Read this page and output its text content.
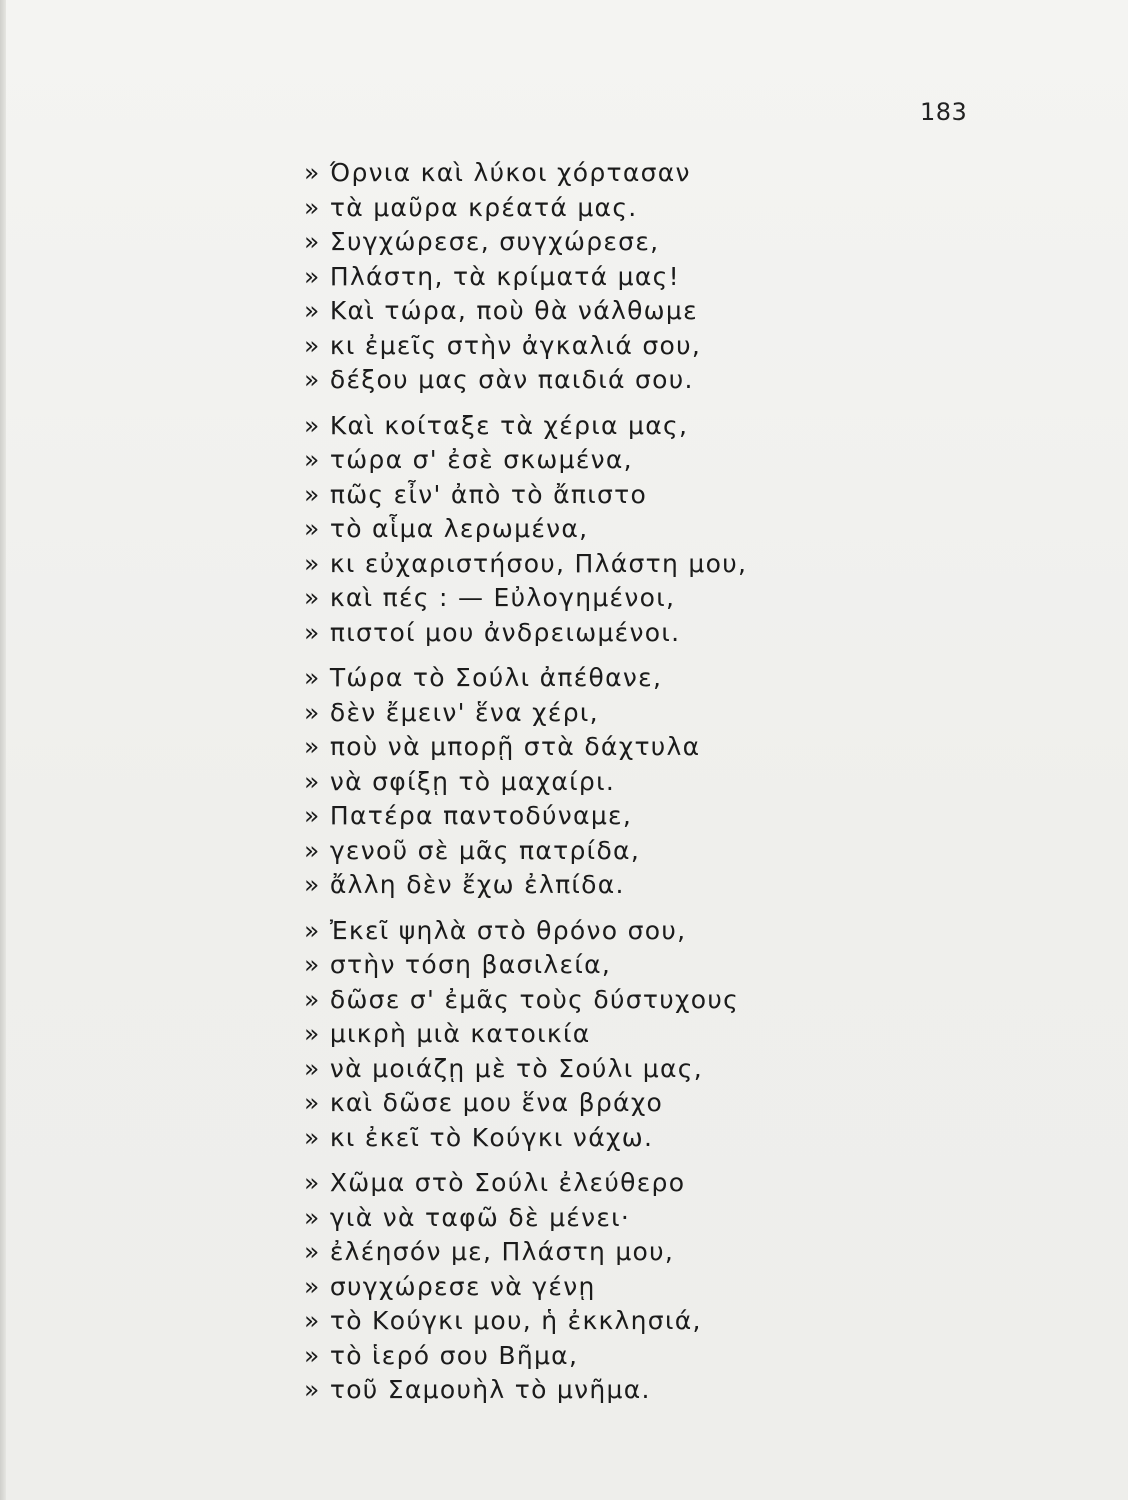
183
» Όρνια καὶ λύκοι χόρτασαν
» τὰ μαῦρα κρέατά μας.
» Συγχώρεσε, συγχώρεσε,
» Πλάστη, τὰ κρίματά μας!
» Καὶ τώρα, ποὺ θὰ νάλθωμε
» κι ἐμεῖς στὴν ἀγκαλιά σου,
» δέξου μας σὰν παιδιά σου.
» Καὶ κοίταξε τὰ χέρια μας,
» τώρα σ' ἐσὲ σκωμένα,
» πῶς εἶν' ἀπὸ τὸ ἄπιστο
» τὸ αἷμα λερωμένα,
» κι εὐχαριστήσου, Πλάστη μου,
» καὶ πές : — Εὐλογημένοι,
» πιστοί μου ἀνδρειωμένοι.
» Τώρα τὸ Σούλι ἀπέθανε,
» δὲν ἔμειν' ἕνα χέρι,
» ποὺ νὰ μπορῇ στὰ δάχτυλα
» νὰ σφίξῃ τὸ μαχαίρι.
» Πατέρα παντοδύναμε,
» γενοῦ σὲ μᾶς πατρίδα,
» ἄλλη δὲν ἔχω ἐλπίδα.
» Ἐκεῖ ψηλὰ στὸ θρόνο σου,
» στὴν τόση βασιλεία,
» δῶσε σ' ἐμᾶς τοὺς δύστυχους
» μικρὴ μιὰ κατοικία
» νὰ μοιάζῃ μὲ τὸ Σούλι μας,
» καὶ δῶσε μου ἕνα βράχο
» κι ἐκεῖ τὸ Κούγκι νάχω.
» Χῶμα στὸ Σούλι ἐλεύθερο
» γιὰ νὰ ταφῶ δὲ μένει·
» ἐλέησόν με, Πλάστη μου,
» συγχώρεσε νὰ γένῃ
» τὸ Κούγκι μου, ἡ ἐκκλησιά,
» τὸ ἱερό σου Βῆμα,
» τοῦ Σαμουὴλ τὸ μνῆμα.
